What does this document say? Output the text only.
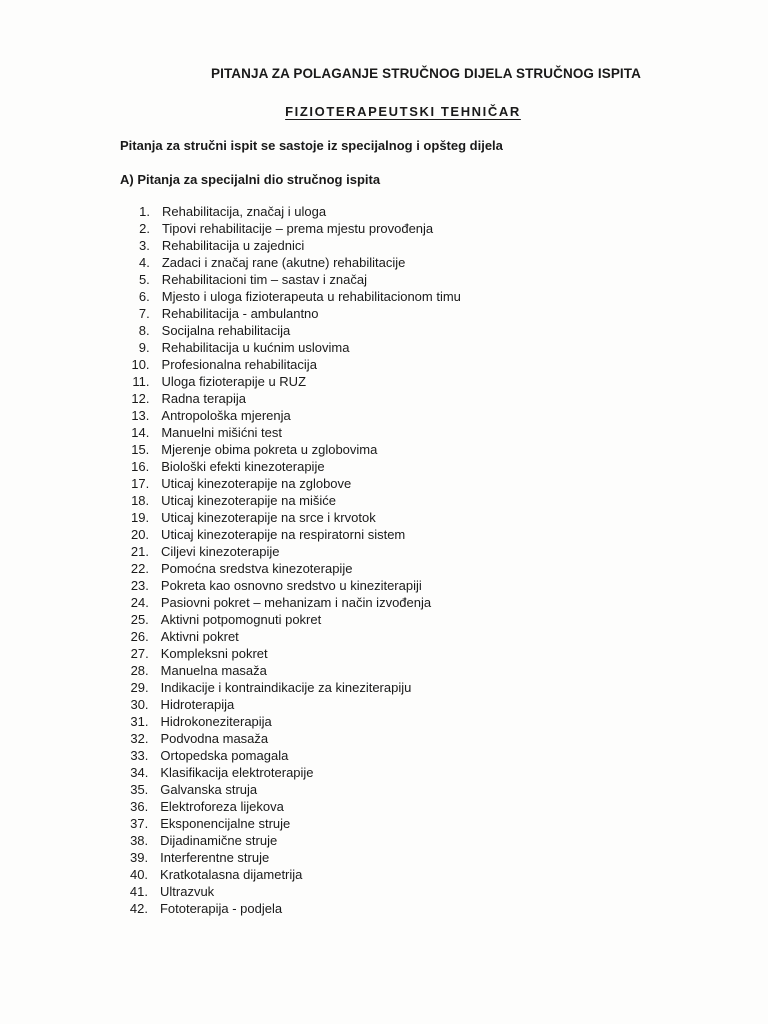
PITANJA ZA POLAGANJE STRUČNOG DIJELA STRUČNOG ISPITA
FIZIOTERAPEUTSKI TEHNIČAR
Pitanja za stručni ispit se sastoje iz specijalnog i opšteg dijela
A) Pitanja za specijalni dio stručnog ispita
1. Rehabilitacija, značaj i uloga
2. Tipovi rehabilitacije – prema mjestu provođenja
3. Rehabilitacija u zajednici
4. Zadaci i značaj rane (akutne) rehabilitacije
5. Rehabilitacioni tim – sastav i značaj
6. Mjesto i uloga fizioterapeuta u rehabilitacionom timu
7. Rehabilitacija - ambulantno
8. Socijalna rehabilitacija
9. Rehabilitacija u kućnim uslovima
10. Profesionalna rehabilitacija
11. Uloga fizioterapije u RUZ
12. Radna terapija
13. Antropološka mjerenja
14. Manuelni mišićni test
15. Mjerenje obima pokreta u zglobovima
16. Biološki efekti kinezoterapije
17. Uticaj kinezoterapije na zglobove
18. Uticaj kinezoterapije na mišiće
19. Uticaj kinezoterapije na srce i krvotok
20. Uticaj kinezoterapije na respiratorni sistem
21. Ciljevi kinezoterapije
22. Pomoćna sredstva kinezoterapije
23. Pokreta kao osnovno sredstvo u kineziterapiji
24. Pasiovni pokret – mehanizam i način izvođenja
25. Aktivni potpomognuti pokret
26. Aktivni pokret
27. Kompleksni pokret
28. Manuelna masaža
29. Indikacije i kontraindikacije za kineziterapiju
30. Hidroterapija
31. Hidrokoneziterapija
32. Podvodna masaža
33. Ortopedska pomagala
34. Klasifikacija elektroterapije
35. Galvanska struja
36. Elektroforeza lijekova
37. Eksponencijalne struje
38. Dijadinamične struje
39. Interferentne struje
40. Kratkotalasna dijametrija
41. Ultrazvuk
42. Fototerapija - podjela
